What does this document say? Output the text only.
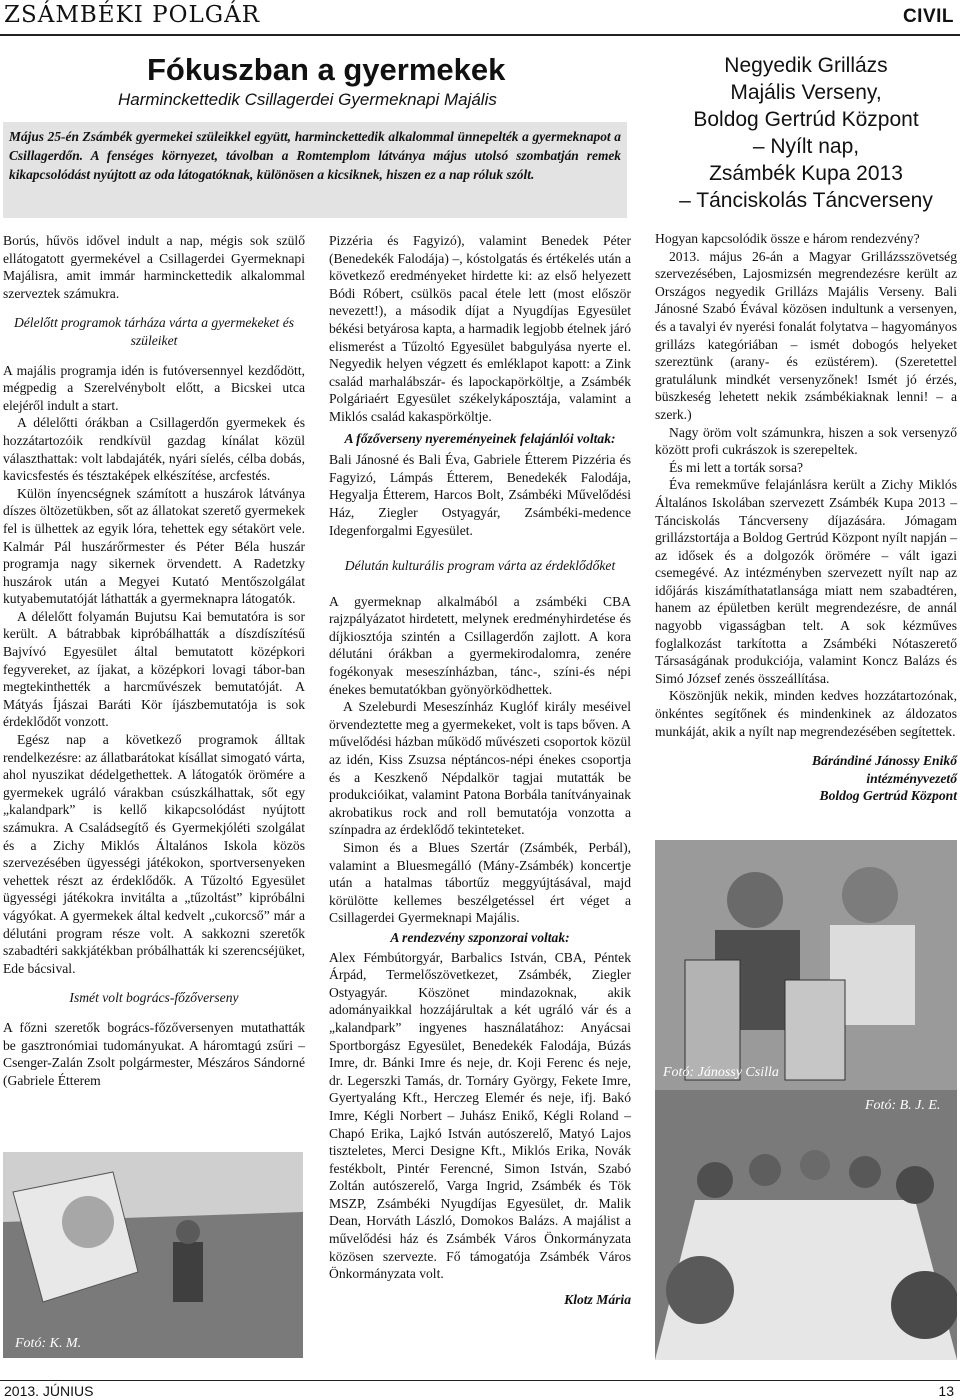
ZSÁMBÉKI POLGÁR	CIVIL
Fókuszban a gyermekek
Harminckettedik Csillagerdei Gyermeknapi Majális
Május 25-én Zsámbék gyermekei szüleikkel együtt, harminckettedik alkalommal ünnepelték a gyermeknapot a Csillagerdőn. A fenséges környezet, távolban a Romtemplom látványa május utolsó szombatján remek kikapcsolódást nyújtott az oda látogatóknak, különösen a kicsiknek, hiszen ez a nap róluk szólt.

Borús, hűvös idővel indult a nap, mégis sok szülő ellátogatott gyermekével a Csillagerdei Gyermeknapi Majálisra, amit immár harminckettedik alkalommal szerveztek számukra.

Délelőtt programok tárháza várta a gyermekeket és szüleiket

A majális programja idén is futóversennyel kezdődött, mégpedig a Szerelvénybolt előtt, a Bicskei utca elejéről indult a start.

A délelőtti órákban a Csillagerdőn gyermekek és hozzátartozóik rendkívül gazdag kínálat közül választhattak: volt labdajáték, nyári síelés, célba dobás, kavicsfestés és tésztaképek elkészítése, arcfestés.

Külön ínyencségnek számított a huszárok látványa díszes öltözetükben, sőt az állatokat szerető gyermekek fel is ülhettek az egyik lóra, tehettek egy sétakört vele. Kalmár Pál huszárőrmester és Péter Béla huszár programja nagy sikernek örvendett. A Radetzky huszárok után a Megyei Kutató Mentőszolgálat kutyabemutatóját láthatták a gyermeknapra látogatók.

A délelőtt folyamán Bujutsu Kai bemutatóra is sor került. A bátrabbak kipróbálhatták a díszdíszítésű Bajvívó Egyesület által bemutatott középkori fegyvereket, az íjakat, a középkori lovagi tábor-ban megtekinthették a harcművészek bemutatóját. A Mátyás Íjászai Baráti Kör íjászbemutatója is sok érdeklődőt vonzott.

Egész nap a következő programok álltak rendelkezésre: az állatbarátokat kísállat simogató várta, ahol nyuszikat dédelgethettek. A látogatók örömére a gyermekek ugráló várakban csúszkálhattak, sőt egy „kalandpark” is kellő kikapcsolódást nyújtott számukra. A Családsegítő és Gyermekjóléti szolgálat és a Zichy Miklós Általános Iskola közös szervezésében ügyességi játékokon, sportversenyeken vehettek részt az érdeklődők. A Tűzoltó Egyesület ügyességi játékokra invitálta a „tűzoltást” kipróbálni vágyókat. A gyermekek által kedvelt „cukorcső” már a délutáni program része volt. A sakkozni szeretők szabadtéri sakkjátékban próbálhatták ki szerencséjüket, Ede bácsival.

Ismét volt bogrács-főzőverseny

A főzni szeretők bogrács-főzőversenyen mutathatták be gasztronómiai tudományukat. A háromtagú zsűri – Csenger-Zalán Zsolt polgármester, Mészáros Sándorné (Gabriele Étterem

Fotó: K. M.

Pizzéria és Fagyizó), valamint Benedek Péter (Benedekék Falodája) –, kóstolgatás és értékelés után a következő eredményeket hirdette ki: az első helyezett Bódi Róbert, csülkös pacal étele lett (most először nevezett!), a második díjat a Nyugdíjas Egyesület békési betyárosa kapta, a harmadik legjobb ételnek járó elismerést a Tűzoltó Egyesület babgulyása nyerte el. Negyedik helyen végzett és emléklapot kapott: a Zink család marhalábszár- és lapockapörköltje, a Zsámbék Polgáriaért Egyesület székelykáposztája, valamint a Miklós család kakaspörköltje.

A főzőverseny nyereményeinek felajánlói voltak:

Bali Jánosné és Bali Éva, Gabriele Étterem Pizzéria és Fagyizó, Lámpás Étterem, Benedekék Falodája, Hegyalja Étterem, Harcos Bolt, Zsámbéki Művelődési Ház, Ziegler Ostyagyár, Zsámbéki-medence Idegenforgalmi Egyesület.

Délután kulturális program várta az érdeklődőket

A gyermeknap alkalmából a zsámbéki CBA rajzpályázatot hirdetett, melynek eredményhirdetése és díjkiosztója szintén a Csillagerdőn zajlott. A kora délutáni órákban a gyermekirodalomra, zenére fogékonyak meseszínházban, tánc-, színi-és népi énekes bemutatókban gyönyörködhettek.

A Szeleburdi Meseszínház Kuglóf király meséivel örvendeztette meg a gyermekeket, volt is taps bőven. A művelődési házban működő művészeti csoportok közül az idén, Kiss Zsuzsa néptáncos-népi énekes csoportja és a Keszkenő Népdalkör tagjai mutatták be produkcióikat, valamint Patona Borbála tanítványainak akrobatikus rock and roll bemutatója vonzotta a színpadra az érdeklődő tekinteteket.

Simon és a Blues Szertár (Zsámbék, Perbál), valamint a Bluesmegálló (Mány-Zsámbék) koncertje után a hatalmas tábortűz meggyújtásával, majd körülötte kellemes beszélgetéssel ért véget a Csillagerdei Gyermeknapi Majális.

A rendezvény szponzorai voltak:

Alex Fémbútorgyár, Barbalics István, CBA, Péntek Árpád, Termelőszövetkezet, Zsámbék, Ziegler Ostyagyár. Köszönet mindazoknak, akik adományaikkal hozzájárultak a két ugráló vár és a „kalandpark” ingyenes használatához: Anyácsai Sportborgász Egyesület, Benedekék Falodája, Búzás Imre, dr. Bánki Imre és neje, dr. Koji Ferenc és neje, dr. Legerszki Tamás, dr. Tornáry György, Fekete Imre, Gyertyaláng Kft., Herczeg Elemér és neje, ifj. Bakó Imre, Kégli Norbert – Juhász Enikő, Kégli Roland – Chapó Erika, Lajkó István autószerelő, Matyó Lajos tiszteletes, Merci Designe Kft., Miklós Erika, Novák festékbolt, Pintér Ferencné, Simon István, Szabó Zoltán autószerelő, Varga Ingrid, Zsámbék és Tök MSZP, Zsámbéki Nyugdíjas Egyesület, dr. Malik Dean, Horváth László, Domokos Balázs. A majálist a művelődési ház és Zsámbék Város Önkormányzata közösen szervezte. Fő támogatója Zsámbék Város Önkormányzata volt.

Klotz Mária

Negyedik Grillázs
Majális Verseny,
Boldog Gertrúd Központ
– Nyílt nap,
Zsámbék Kupa 2013
– Tánciskolás Táncverseny

Hogyan kapcsolódik össze e három rendezvény?

2013. május 26-án a Magyar Grillázsszövetség szervezésében, Lajosmizsén megrendezésre került az Országos negyedik Grillázs Majális Verseny. Bali Jánosné Szabó Évával közösen indultunk a versenyen, és a tavalyi év nyerési fonalát folytatva – hagyományos grillázs kategóriában – ismét dobogós helyeket szereztünk (arany- és ezüstérem). (Szeretettel gratulálunk mindkét versenyzőnek! Ismét jó érzés, büszkeség lehetett nekik zsámbékiaknak lenni! – a szerk.)

Nagy öröm volt számunkra, hiszen a sok versenyző között profi cukrászok is szerepeltek.

És mi lett a torták sorsa?

Éva remekműve felajánlásra került a Zichy Miklós Általános Iskolában szervezett Zsámbék Kupa 2013 – Tánciskolás Táncverseny díjazására. Jómagam grillázstortája a Boldog Gertrúd Központ nyílt napján – az idősek és a dolgozók örömére – vált igazi csemegévé. Az intézményben szervezett nyílt nap az időjárás kiszámíthatatlansága miatt nem szabadtéren, hanem az épületben került megrendezésre, de annál nagyobb vigasságban telt. A sok kézműves foglalkozást tarkította a Zsámbéki Nótaszerető Társaságának produkciója, valamint Koncz Balázs és Simó József zenés összeállítása.

Köszönjük nekik, minden kedves hozzátartozónak, önkéntes segítőnek és mindenkinek az áldozatos munkáját, akik a nyílt nap megrendezésében segítettek.

Bárándiné Jánossy Enikő

intézményvezető

Boldog Gertrúd Központ

Fotó: Jánossy Csilla
Fotó: B. J. E.
2013. JÚNIUS	13
